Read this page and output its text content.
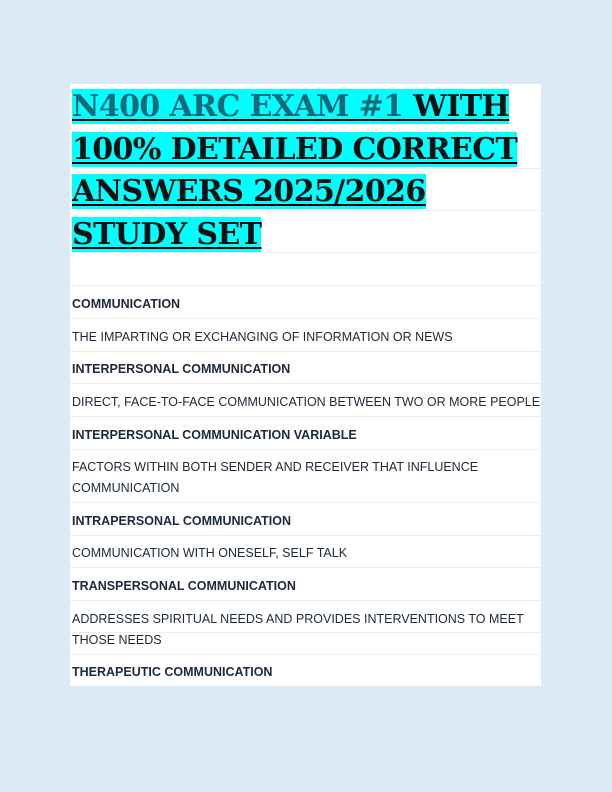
N400 ARC EXAM #1 WITH
100% DETAILED CORRECT
ANSWERS 2025/2026
STUDY SET
COMMUNICATION
THE IMPARTING OR EXCHANGING OF INFORMATION OR NEWS
INTERPERSONAL COMMUNICATION
DIRECT, FACE-TO-FACE COMMUNICATION BETWEEN TWO OR MORE PEOPLE
INTERPERSONAL COMMUNICATION VARIABLE
FACTORS WITHIN BOTH SENDER AND RECEIVER THAT INFLUENCE
COMMUNICATION
INTRAPERSONAL COMMUNICATION
COMMUNICATION WITH ONESELF, SELF TALK
TRANSPERSONAL COMMUNICATION
ADDRESSES SPIRITUAL NEEDS AND PROVIDES INTERVENTIONS TO MEET
THOSE NEEDS
THERAPEUTIC COMMUNICATION
